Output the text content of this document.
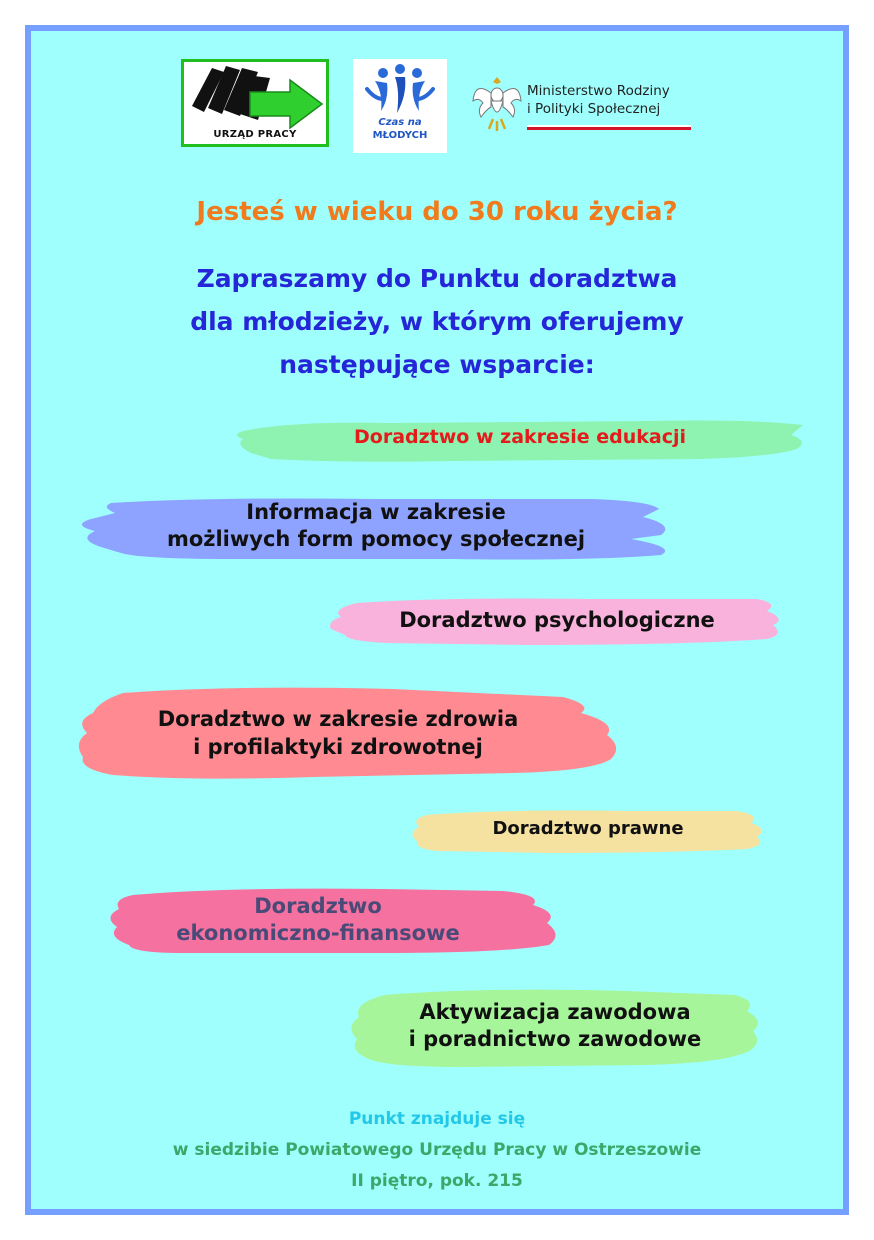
URZĄD PRACY
Czas na
MŁODYCH
Ministerstwo Rodziny
i Polityki Społecznej
Jesteś w wieku do 30 roku życia?
Zapraszamy do Punktu doradztwa
dla młodzieży, w którym oferujemy
następujące wsparcie:
Doradztwo w zakresie edukacji
Informacja w zakresie
możliwych form pomocy społecznej
Doradztwo psychologiczne
Doradztwo w zakresie zdrowia
i profilaktyki zdrowotnej
Doradztwo prawne
Doradztwo
ekonomiczno-finansowe
Aktywizacja zawodowa
i poradnictwo zawodowe
Punkt znajduje się
w siedzibie Powiatowego Urzędu Pracy w Ostrzeszowie
II piętro, pok. 215
